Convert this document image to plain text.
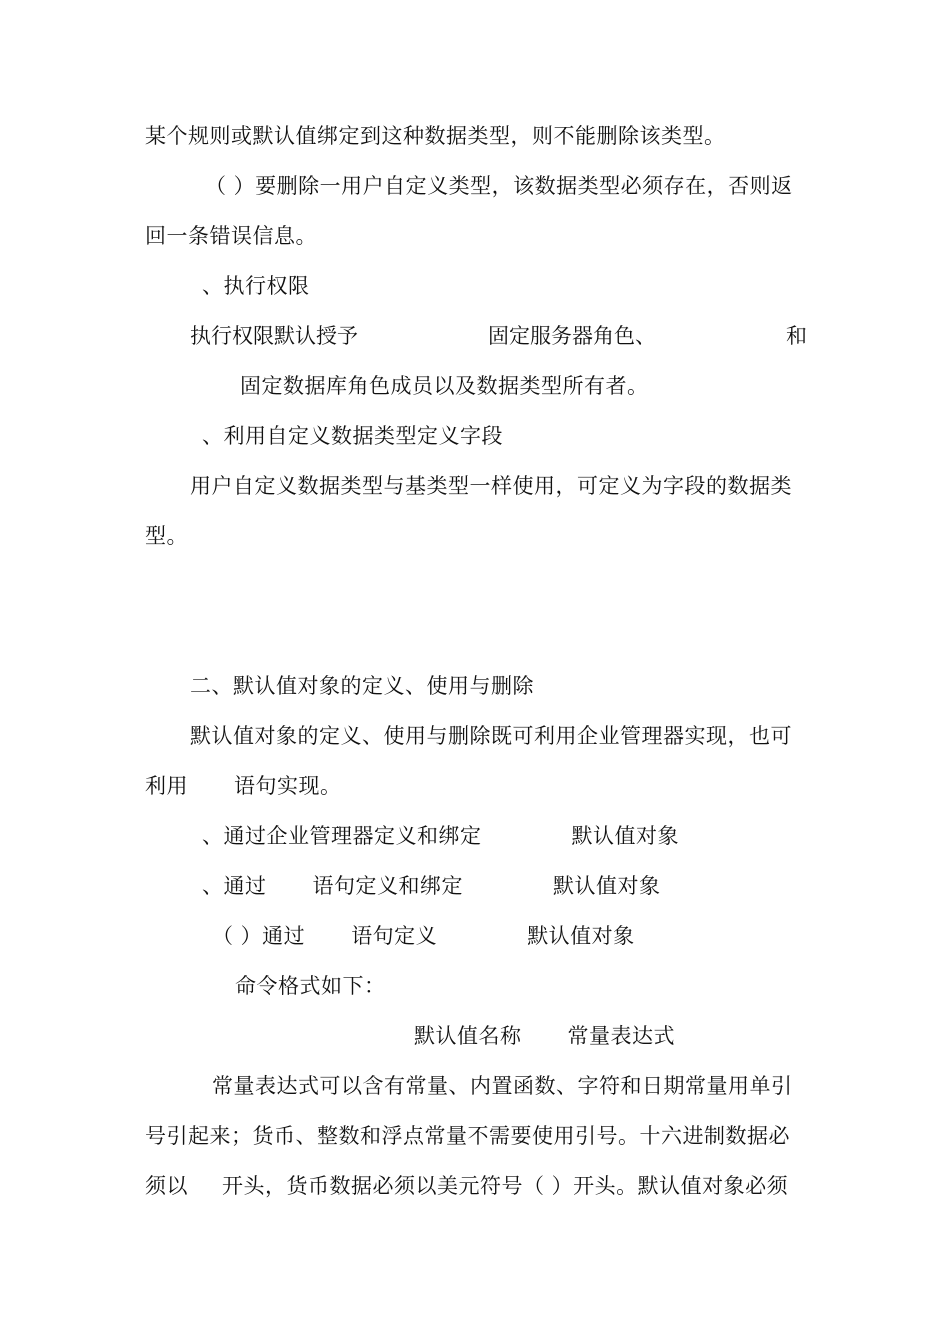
某个规则或默认值绑定到这种数据类型，则不能删除该类型。
（ ）要删除一用户自定义类型，该数据类型必须存在，否则返
回一条错误信息。
、执行权限
执行权限默认授予	固定服务器角色、	和
固定数据库角色成员以及数据类型所有者。
、利用自定义数据类型定义字段
用户自定义数据类型与基类型一样使用，可定义为字段的数据类
型。
二、默认值对象的定义、使用与删除
默认值对象的定义、使用与删除既可利用企业管理器实现，也可
利用 语句实现。
、通过企业管理器定义和绑定	默认值对象
、通过 语句定义和绑定	默认值对象
（ ）通过 语句定义	默认值对象
命令格式如下：
默认值名称 常量表达式
常量表达式可以含有常量、内置函数、字符和日期常量用单引
号引起来；货币、整数和浮点常量不需要使用引号。十六进制数据必
须以 开头，货币数据必须以美元符号（ ）开头。默认值对象必须
